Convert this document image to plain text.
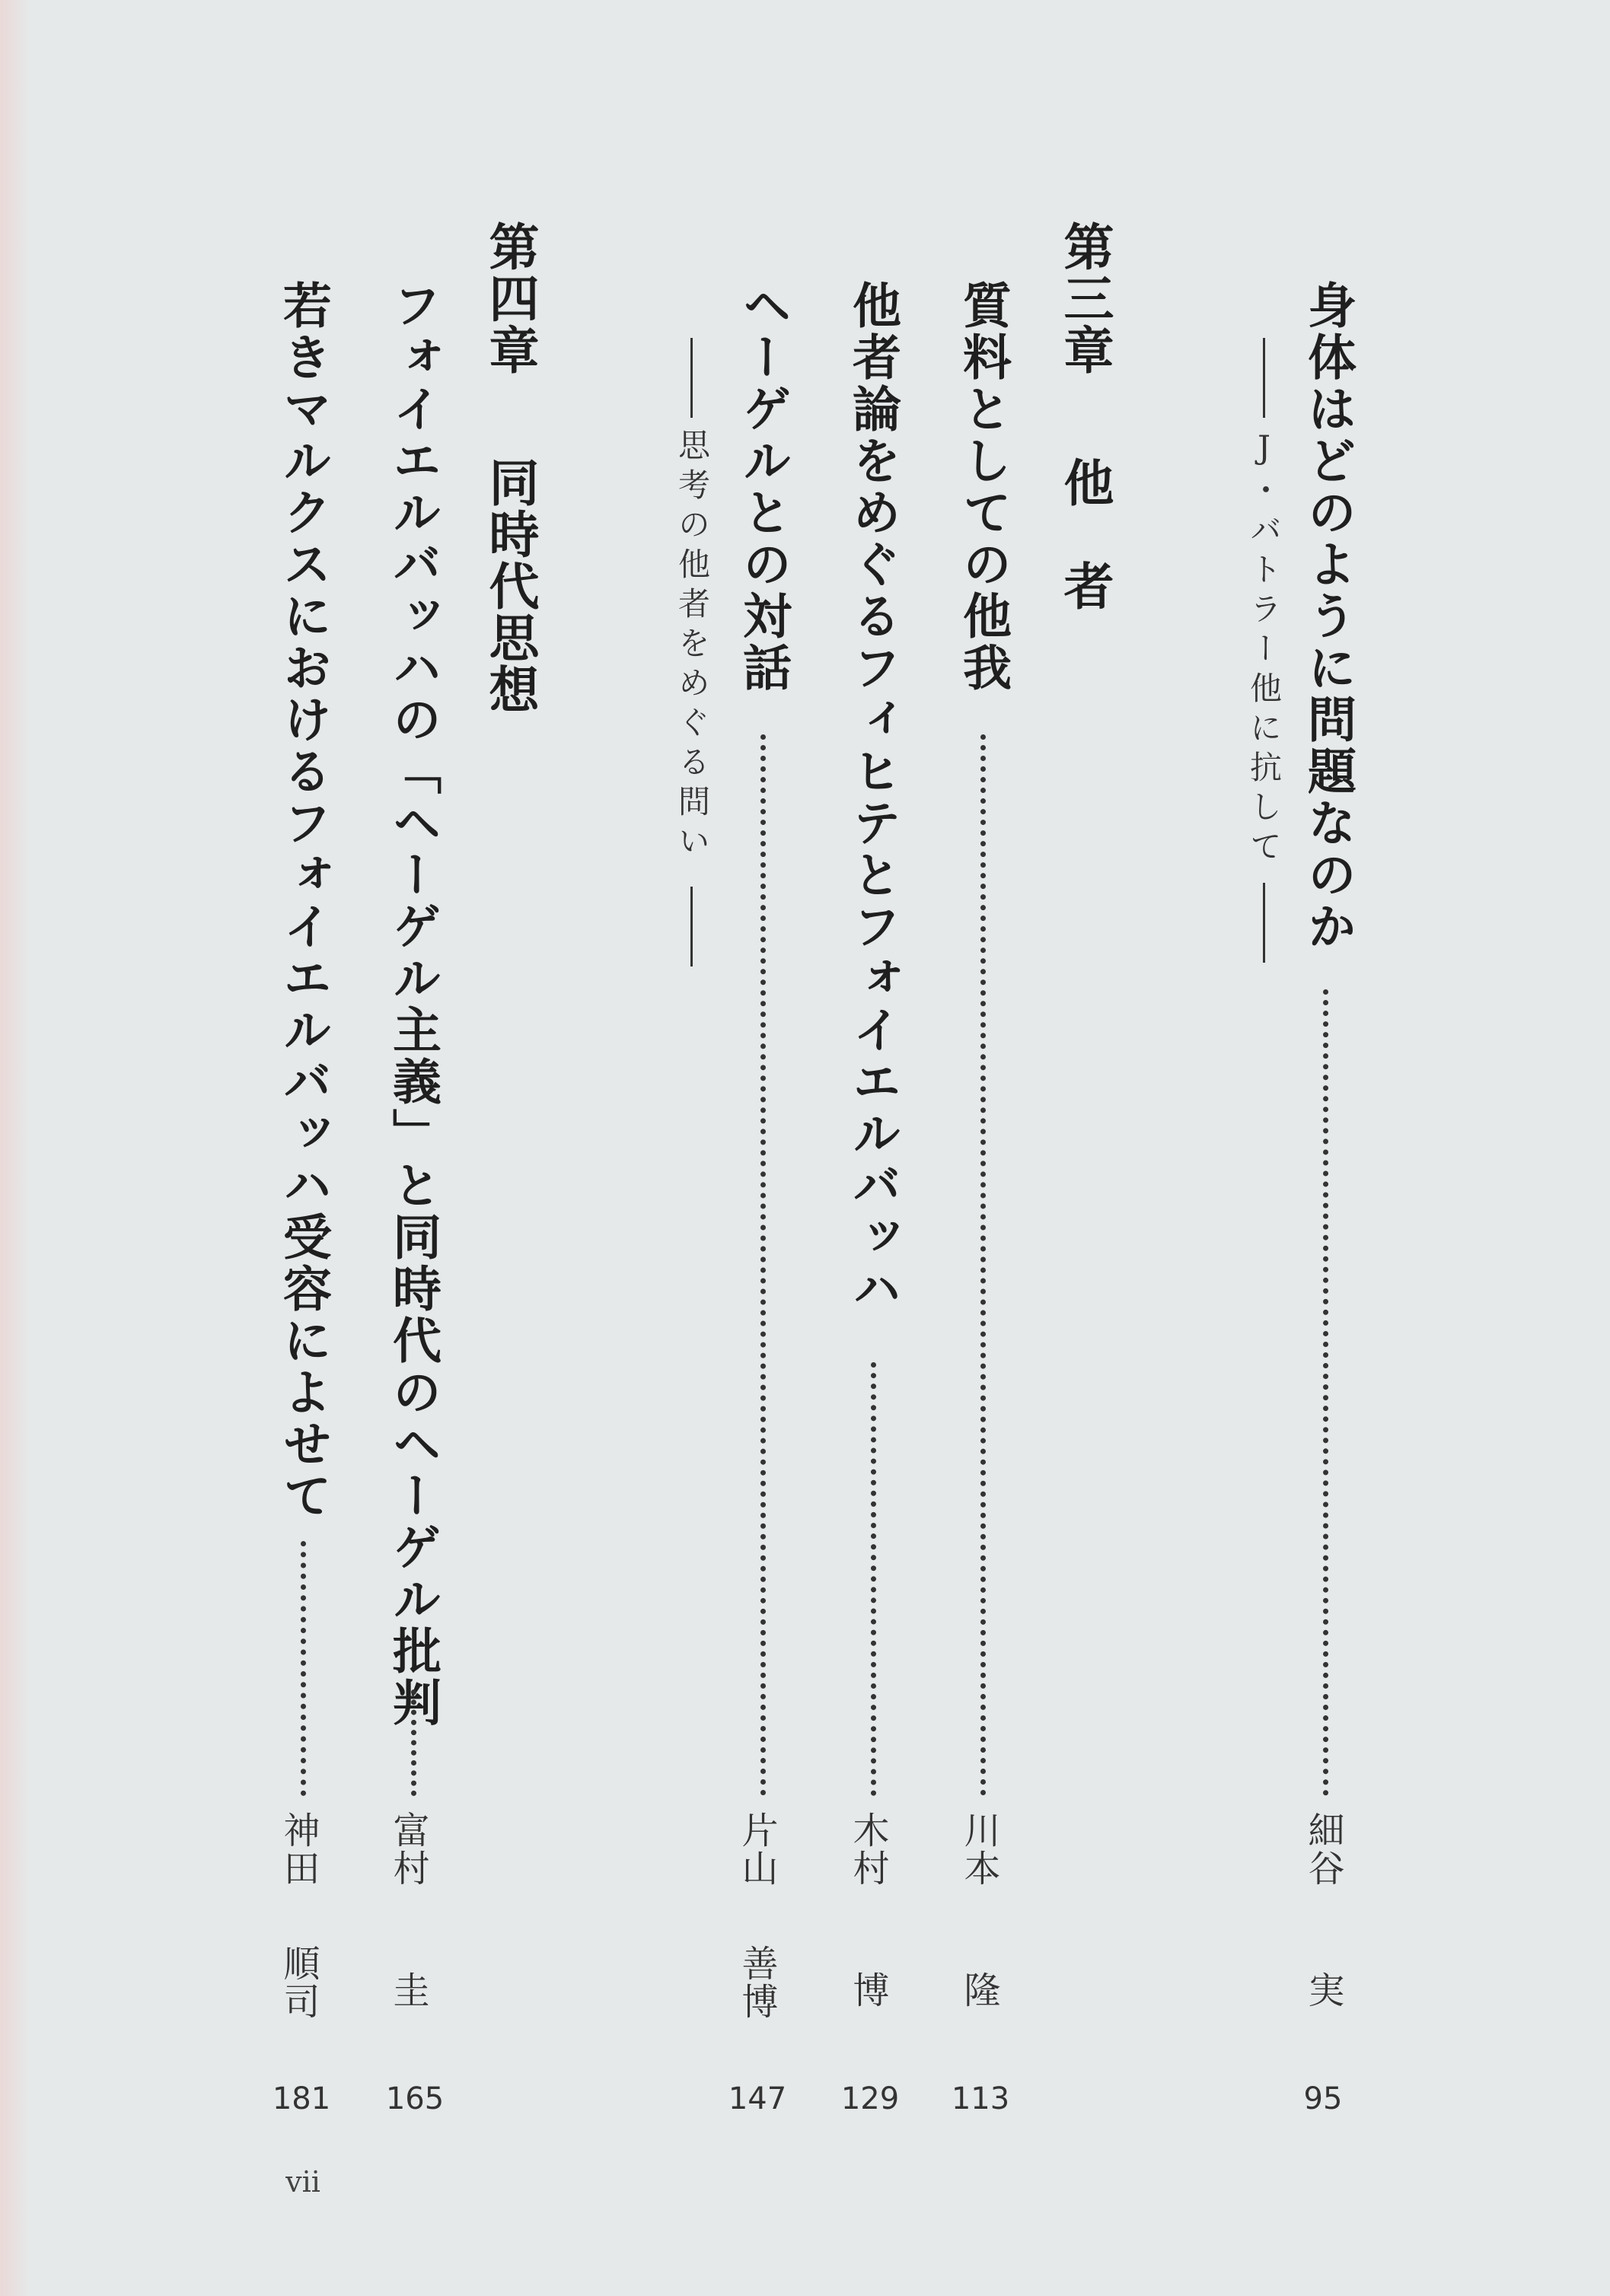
身体はどのように問題なのか
J・バトラー他に抗して
細谷
実
95
第三章
他　者
質料としての他我
川本
隆
113
他者論をめぐるフィヒテとフォイエルバッハ
木村
博
129
ヘーゲルとの対話
思考の他者をめぐる問い
片山
善博
147
第四章
同時代思想
フォイエルバッハの「ヘーゲル主義」と同時代のヘーゲル批判
富村
圭
165
若きマルクスにおけるフォイエルバッハ受容によせて
神田
順司
181
vii
